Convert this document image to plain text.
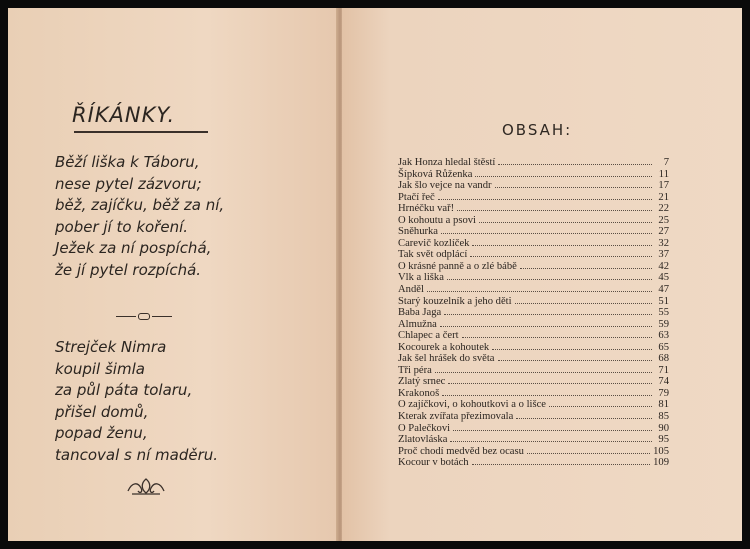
ŘÍKÁNKY.
Běží liška k Táboru,
nese pytel zázvoru;
běž, zajíčku, běž za ní,
pober jí to koření.
Ježek za ní pospíchá,
že jí pytel rozpíchá.
Strejček Nimra
koupil šimla
za půl páta tolaru,
přišel domů,
popad ženu,
tancoval s ní maděru.
OBSAH:
Jak Honza hledal štěstí	7
Šípková Růženka	11
Jak šlo vejce na vandr	17
Ptačí řeč	21
Hrnéčku vař!	22
O kohoutu a psovi	25
Sněhurka	27
Carevič kozlíček	32
Tak svět odplácí	37
O krásné panně a o zlé bábě	42
Vlk a liška	45
Anděl	47
Starý kouzelník a jeho děti	51
Baba Jaga	55
Almužna	59
Chlapec a čert	63
Kocourek a kohoutek	65
Jak šel hrášek do světa	68
Tři péra	71
Zlatý srnec	74
Krakonoš	79
O zajíčkovi, o kohoutkovi a o lišce	81
Kterak zvířata přezimovala	85
O Palečkovi	90
Zlatovláska	95
Proč chodí medvěd bez ocasu	105
Kocour v botách	109
